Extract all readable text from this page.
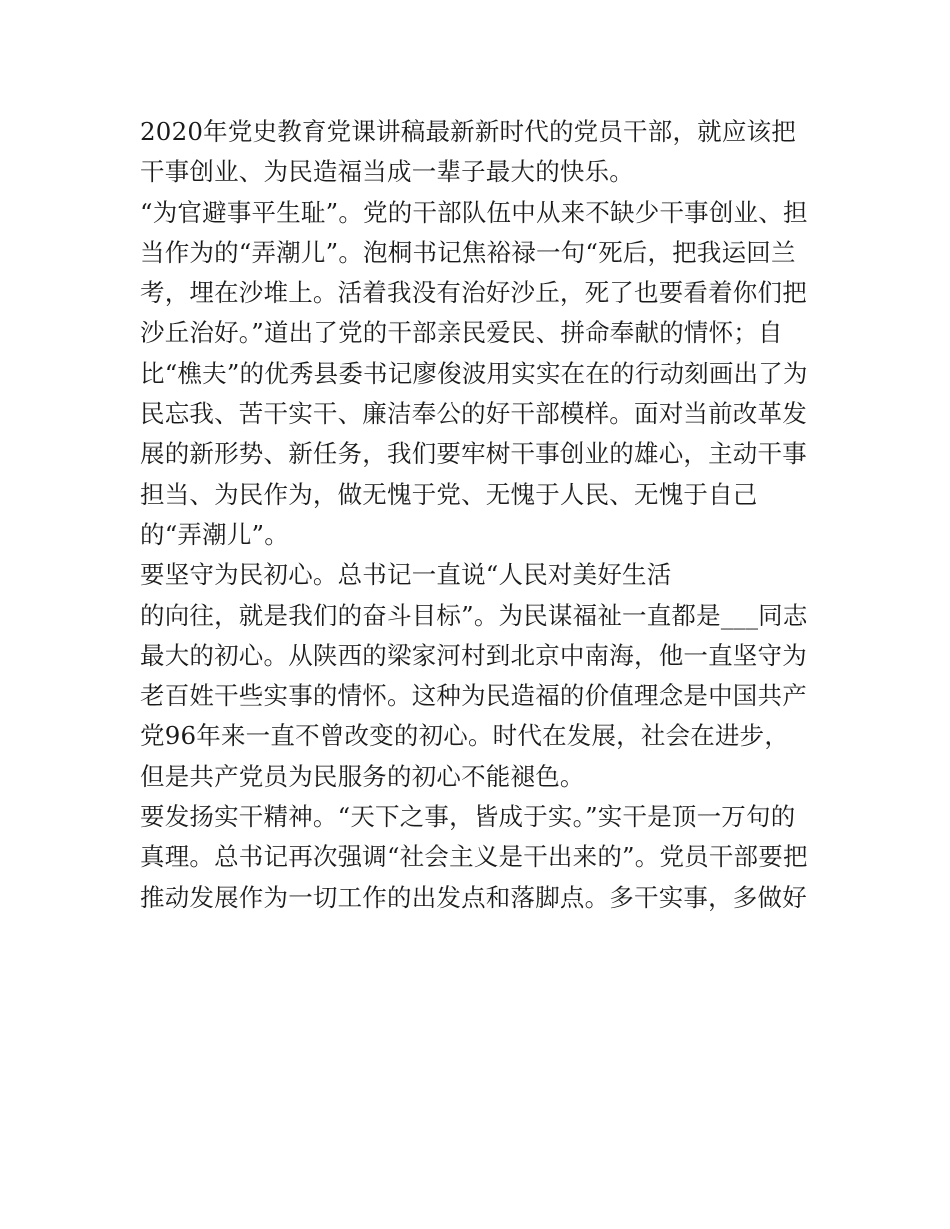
2020年党史教育党课讲稿最新新时代的党员干部，就应该把
干事创业、为民造福当成一辈子最大的快乐。
“为官避事平生耻”。党的干部队伍中从来不缺少干事创业、担
当作为的“弄潮儿”。泡桐书记焦裕禄一句“死后，把我运回兰
考，埋在沙堆上。活着我没有治好沙丘，死了也要看着你们把
沙丘治好。”道出了党的干部亲民爱民、拼命奉献的情怀；自
比“樵夫”的优秀县委书记廖俊波用实实在在的行动刻画出了为
民忘我、苦干实干、廉洁奉公的好干部模样。面对当前改革发
展的新形势、新任务，我们要牢树干事创业的雄心，主动干事
担当、为民作为，做无愧于党、无愧于人民、无愧于自己
的“弄潮儿”。
要坚守为民初心。总书记一直说“人民对美好生活
的向往，就是我们的奋斗目标”。为民谋福祉一直都是___同志
最大的初心。从陕西的梁家河村到北京中南海，他一直坚守为
老百姓干些实事的情怀。这种为民造福的价值理念是中国共产
党96年来一直不曾改变的初心。时代在发展，社会在进步，
但是共产党员为民服务的初心不能褪色。
要发扬实干精神。“天下之事，皆成于实。”实干是顶一万句的
真理。总书记再次强调“社会主义是干出来的”。党员干部要把
推动发展作为一切工作的出发点和落脚点。多干实事，多做好
